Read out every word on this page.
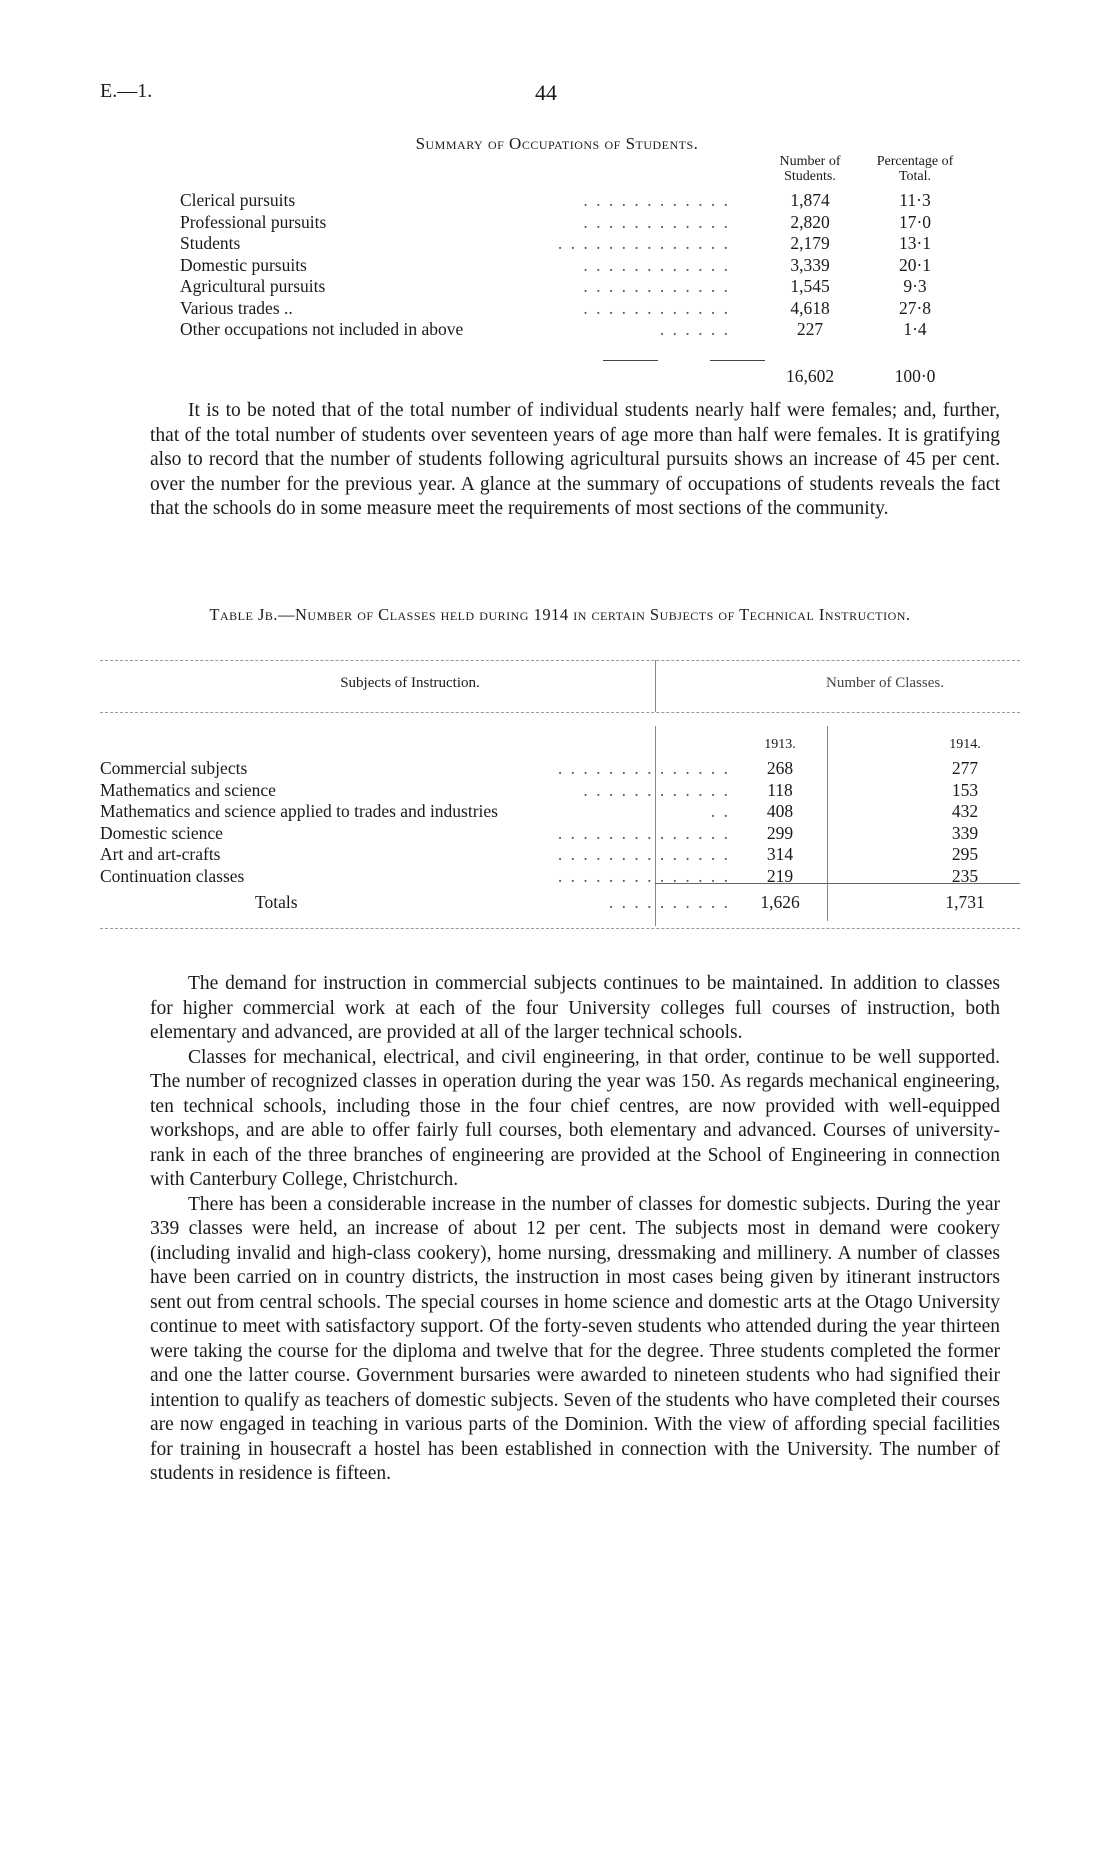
E.—1.	44
Summary of Occupations of Students.
Number of Students.
Percentage of Total.
Clerical pursuits	. . . . . . . . . . . .	1,874	11·3
Professional pursuits	. . . . . . . . . . . .	2,820	17·0
Students	. . . . . . . . . . . . . .	2,179	13·1
Domestic pursuits	. . . . . . . . . . . .	3,339	20·1
Agricultural pursuits	. . . . . . . . . . . .	1,545	9·3
Various trades ..	. . . . . . . . . . . .	4,618	27·8
Other occupations not included in above	. . . . . .	227	1·4
16,602	100·0

It is to be noted that of the total number of individual students nearly half were females; and, further, that of the total number of students over seventeen years of age more than half were females. It is gratifying also to record that the number of students following agricultural pursuits shows an increase of 45 per cent. over the number for the previous year. A glance at the summary of occupations of students reveals the fact that the schools do in some measure meet the requirements of most sections of the community.

Table Jb.—Number of Classes held during 1914 in certain Subjects of Technical Instruction.
Subjects of Instruction.	Number of Classes.
1913.	1914.
Commercial subjects	. . . . . . . . . . . . . .	268	277
Mathematics and science	. . . . . . . . . . . .	118	153
Mathematics and science applied to trades and industries	. .	408	432
Domestic science	. . . . . . . . . . . . . .	299	339
Art and art-crafts	. . . . . . . . . . . . . .	314	295
Continuation classes	. . . . . . . . . . . . . .	219	235
Totals	. . . . . . . . . .	1,626	1,731

The demand for instruction in commercial subjects continues to be maintained. In addition to classes for higher commercial work at each of the four University colleges full courses of instruction, both elementary and advanced, are provided at all of the larger technical schools.

Classes for mechanical, electrical, and civil engineering, in that order, continue to be well supported. The number of recognized classes in operation during the year was 150. As regards mechanical engineering, ten technical schools, including those in the four chief centres, are now provided with well-equipped workshops, and are able to offer fairly full courses, both elementary and advanced. Courses of university-rank in each of the three branches of engineering are provided at the School of Engineering in connection with Canterbury College, Christchurch.

There has been a considerable increase in the number of classes for domestic subjects. During the year 339 classes were held, an increase of about 12 per cent. The subjects most in demand were cookery (including invalid and high-class cookery), home nursing, dressmaking and millinery. A number of classes have been carried on in country districts, the instruction in most cases being given by itinerant instructors sent out from central schools. The special courses in home science and domestic arts at the Otago University continue to meet with satisfactory support. Of the forty-seven students who attended during the year thirteen were taking the course for the diploma and twelve that for the degree. Three students completed the former and one the latter course. Government bursaries were awarded to nineteen students who had signified their intention to qualify as teachers of domestic subjects. Seven of the students who have completed their courses are now engaged in teaching in various parts of the Dominion. With the view of affording special facilities for training in housecraft a hostel has been established in connection with the University. The number of students in residence is fifteen.
